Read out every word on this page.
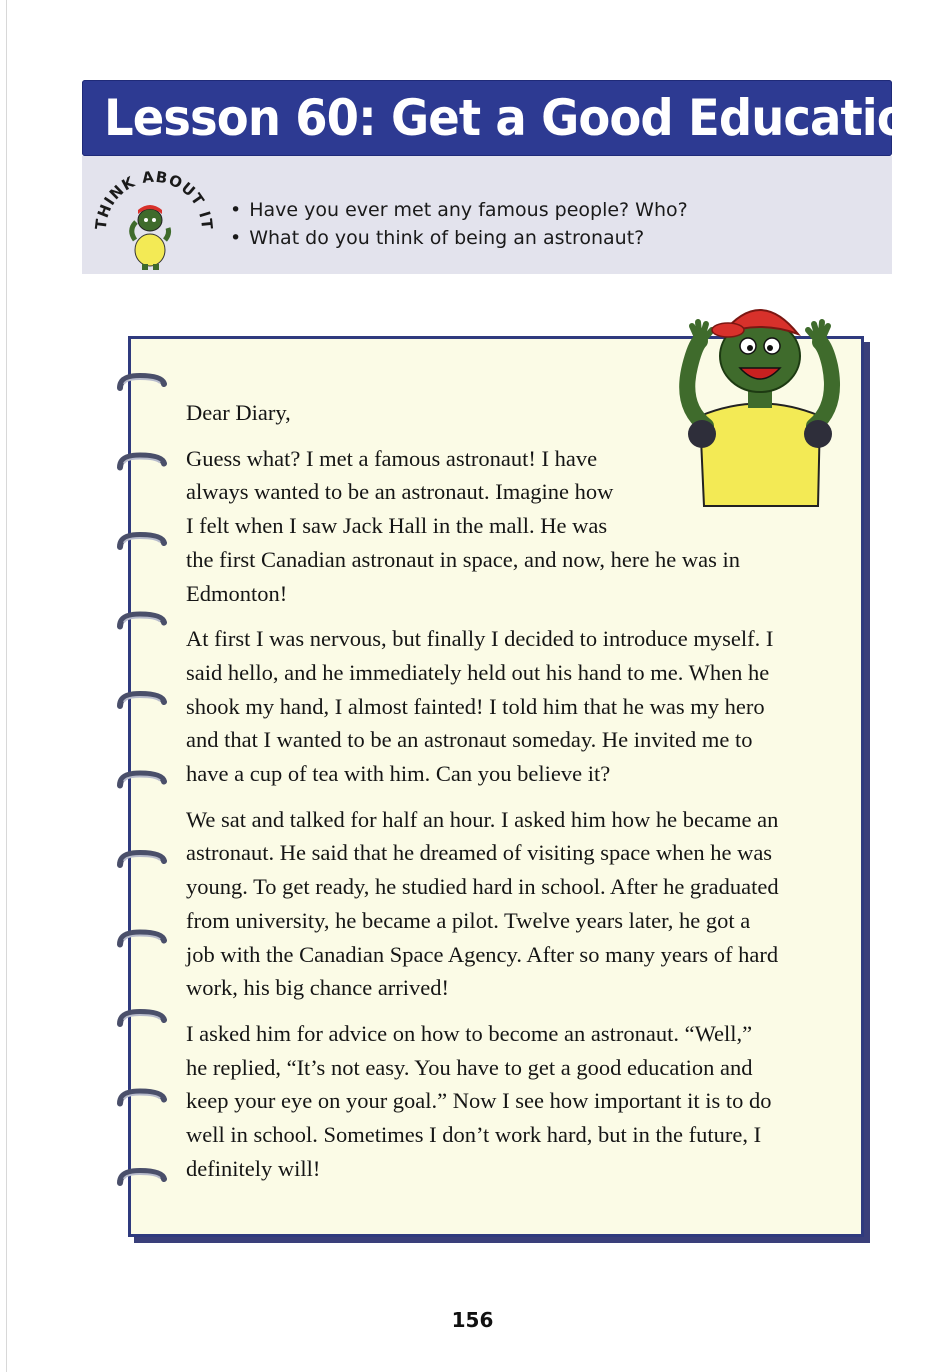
Lesson 60: Get a Good Education
THINK ABOUT IT
• Have you ever met any famous people? Who?
• What do you think of being an astronaut?

Dear Diary,

Guess what? I met a famous astronaut! I have
always wanted to be an astronaut. Imagine how
I felt when I saw Jack Hall in the mall. He was
the first Canadian astronaut in space, and now, here he was in
Edmonton!

At first I was nervous, but finally I decided to introduce myself. I
said hello, and he immediately held out his hand to me. When he
shook my hand, I almost fainted! I told him that he was my hero
and that I wanted to be an astronaut someday. He invited me to
have a cup of tea with him. Can you believe it?

We sat and talked for half an hour. I asked him how he became an
astronaut. He said that he dreamed of visiting space when he was
young. To get ready, he studied hard in school. After he graduated
from university, he became a pilot. Twelve years later, he got a
job with the Canadian Space Agency. After so many years of hard
work, his big chance arrived!

I asked him for advice on how to become an astronaut. “Well,”
he replied, “It’s not easy. You have to get a good education and
keep your eye on your goal.” Now I see how important it is to do
well in school. Sometimes I don’t work hard, but in the future, I
definitely will!

156
